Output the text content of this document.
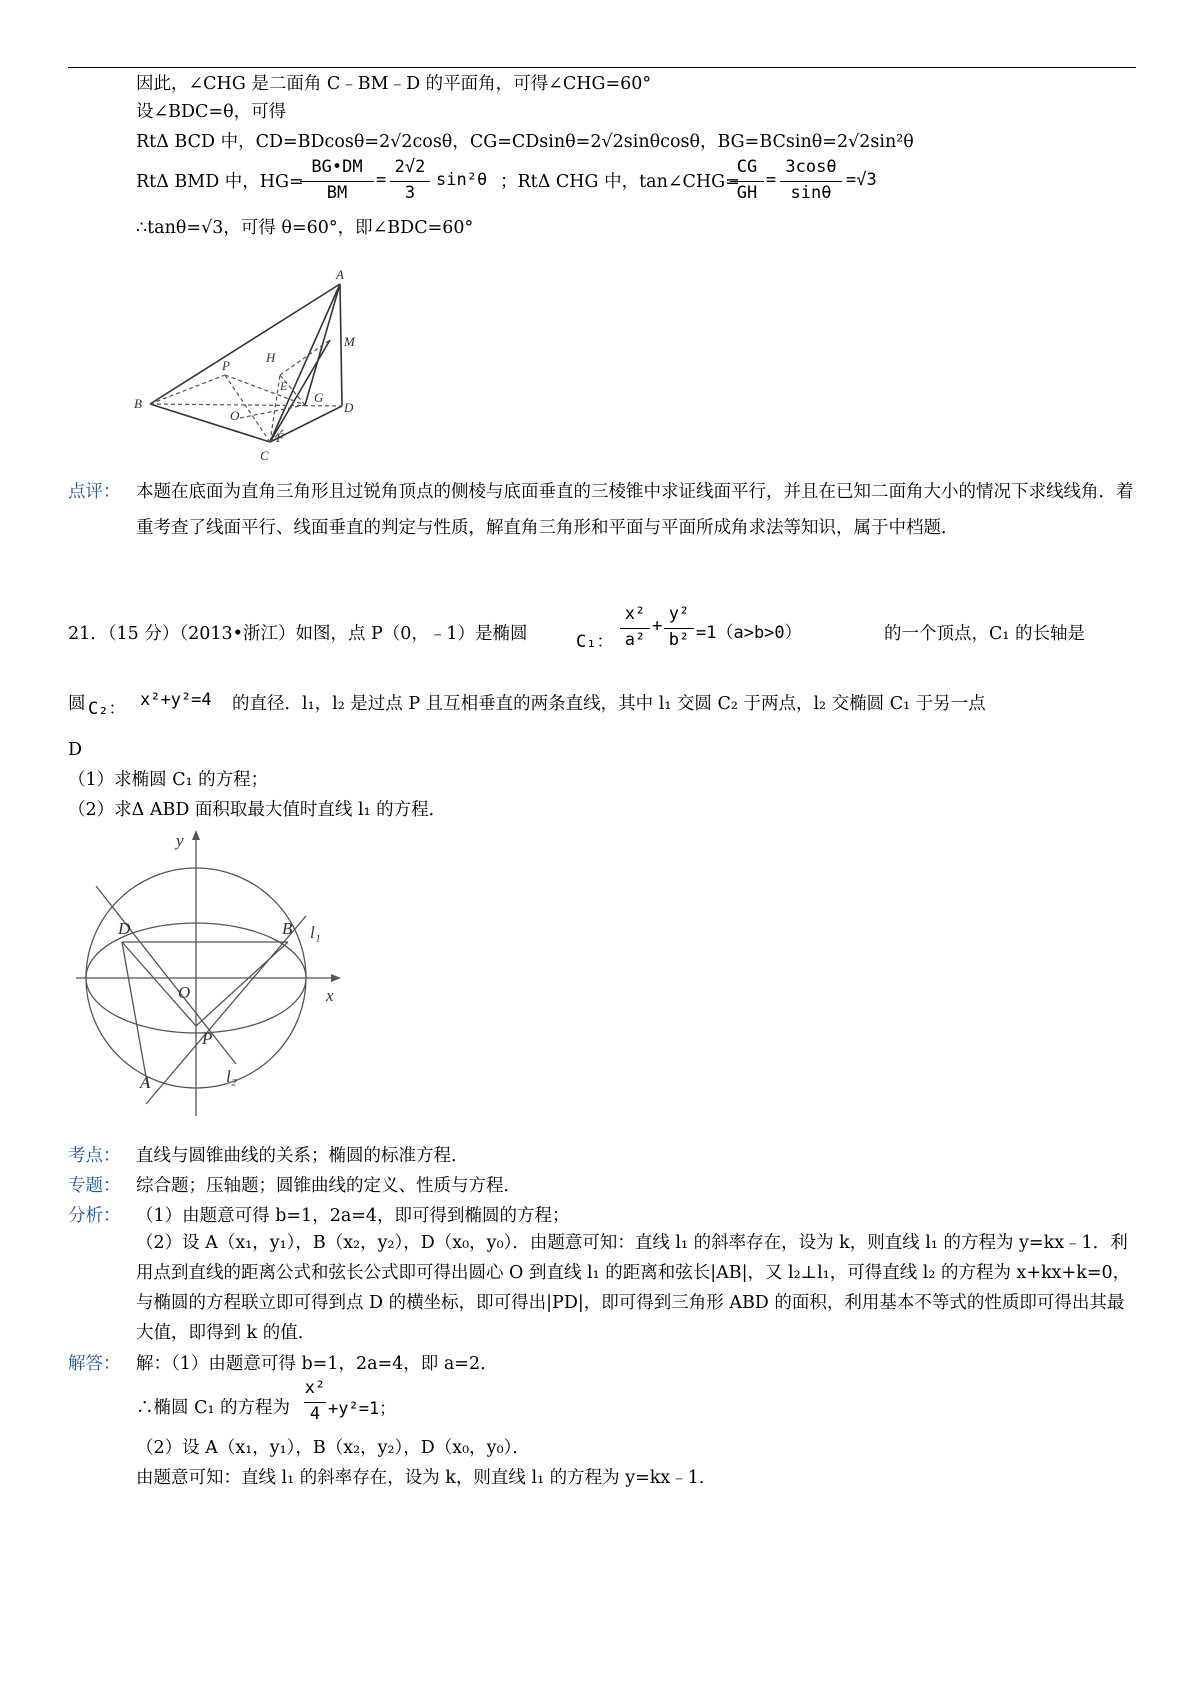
因此，∠CHG 是二面角 C﹣BM﹣D 的平面角，可得∠CHG=60°
设∠BDC=θ，可得
RtΔ BCD 中，CD=BDcosθ=2√2cosθ，CG=CDsinθ=2√2sinθcosθ，BG=BCsinθ=2√2sin²θ
RtΔ BMD 中，HG=
BG•DM
BM
=
2√2
3
sin²θ ；RtΔ CHG 中，tan∠CHG=
CG
GH
=
3cosθ
sinθ
=√3
∴tanθ=√3，可得 θ=60°，即∠BDC=60°
A
M
H
P
B
O
G
D
E
F
C
点评： 本题在底面为直角三角形且过锐角顶点的侧棱与底面垂直的三棱锥中求证线面平行，并且在已知二面角大小的情况下求线线角．着重考查了线面平行、线面垂直的判定与性质，解直角三角形和平面与平面所成角求法等知识，属于中档题．
21．（15 分）（2013•浙江）如图，点 P（0，﹣1）是椭圆	C₁：
x²
a²
+
y²
b² =1（a>b>0）	的一个顶点，C₁ 的长轴是
圆 C₂： x²+y²=4 的直径．l₁，l₂ 是过点 P 且互相垂直的两条直线，其中 l₁ 交圆 C₂ 于两点，l₂ 交椭圆 C₁ 于另一点
D
（1）求椭圆 C₁ 的方程；
（2）求Δ ABD 面积取最大值时直线 l₁ 的方程．
y
x
O
D	B l₁
P
A	l₂
考点： 直线与圆锥曲线的关系；椭圆的标准方程．
专题： 综合题；压轴题；圆锥曲线的定义、性质与方程．
分析： （1）由题意可得 b=1，2a=4，即可得到椭圆的方程；
（2）设 A（x₁，y₁），B（x₂，y₂），D（x₀，y₀）．由题意可知：直线 l₁ 的斜率存在，设为 k，则直线 l₁ 的方程为 y=kx﹣1．利用点到直线的距离公式和弦长公式即可得出圆心 O 到直线 l₁ 的距离和弦长|AB|，又 l₂⊥l₁，可得直线 l₂ 的方程为 x+kx+k=0，与椭圆的方程联立即可得到点 D 的横坐标，即可得出|PD|，即可得到三角形 ABD 的面积，利用基本不等式的性质即可得出其最大值，即得到 k 的值．
解答： 解：（1）由题意可得 b=1，2a=4，即 a=2．
∴椭圆 C₁ 的方程为
x²
4 +y²=1；
（2）设 A（x₁，y₁），B（x₂，y₂），D（x₀，y₀）．
由题意可知：直线 l₁ 的斜率存在，设为 k，则直线 l₁ 的方程为 y=kx﹣1．
